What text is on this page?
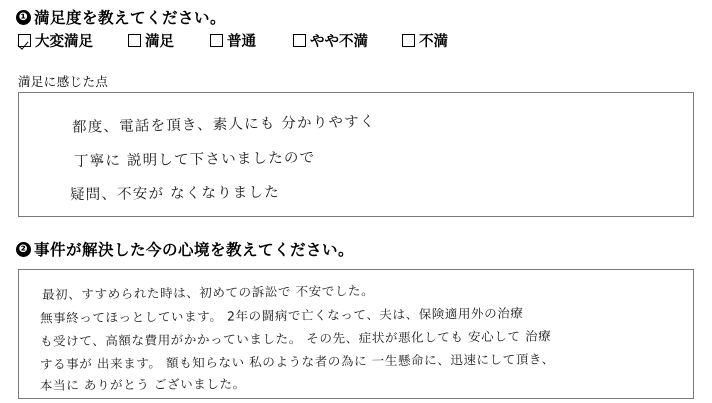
❶ 満足度を教えてください。
大変満足	満足	普通	やや不満	不満
満足に感じた点
都度、電話を頂き、素人にも 分かりやすく
丁寧に 説明して下さいましたので
疑問、不安が なくなりました
❷ 事件が解決した今の心境を教えてください。
最初、すすめられた時は、初めての訴訟で 不安でした。
無事終ってほっとしています。 2年の闘病で亡くなって、夫は、保険適用外の治療
も受けて、高額な費用がかかっていました。 その先、症状が悪化しても 安心して 治療
する事が 出来ます。 額も知らない 私のような者の為に 一生懸命に、迅速にして頂き、
本当に ありがとう ございました。
